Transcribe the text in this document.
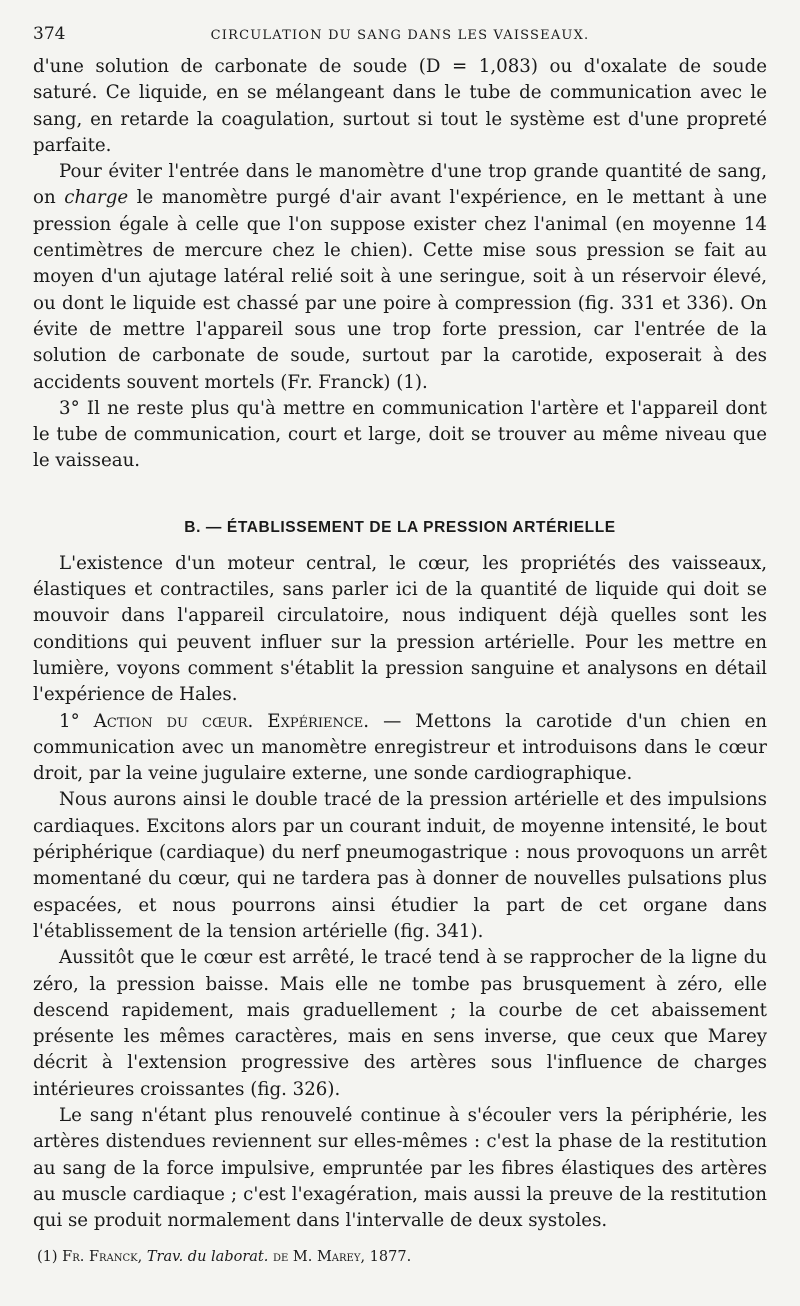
374	CIRCULATION DU SANG DANS LES VAISSEAUX.

d'une solution de carbonate de soude (D = 1,083) ou d'oxalate de soude saturé. Ce liquide, en se mélangeant dans le tube de communication avec le sang, en retarde la coagulation, surtout si tout le système est d'une propreté parfaite.

Pour éviter l'entrée dans le manomètre d'une trop grande quantité de sang, on charge le manomètre purgé d'air avant l'expérience, en le mettant à une pression égale à celle que l'on suppose exister chez l'animal (en moyenne 14 centimètres de mercure chez le chien). Cette mise sous pression se fait au moyen d'un ajutage latéral relié soit à une seringue, soit à un réservoir élevé, ou dont le liquide est chassé par une poire à compression (fig. 331 et 336). On évite de mettre l'appareil sous une trop forte pression, car l'entrée de la solution de carbonate de soude, surtout par la carotide, exposerait à des accidents souvent mortels (Fr. Franck) (1).

3° Il ne reste plus qu'à mettre en communication l'artère et l'appareil dont le tube de communication, court et large, doit se trouver au même niveau que le vaisseau.

B. — ÉTABLISSEMENT DE LA PRESSION ARTÉRIELLE

L'existence d'un moteur central, le cœur, les propriétés des vaisseaux, élastiques et contractiles, sans parler ici de la quantité de liquide qui doit se mouvoir dans l'appareil circulatoire, nous indiquent déjà quelles sont les conditions qui peuvent influer sur la pression artérielle. Pour les mettre en lumière, voyons comment s'établit la pression sanguine et analysons en détail l'expérience de Hales.

1° Action du cœur. Expérience. — Mettons la carotide d'un chien en communication avec un manomètre enregistreur et introduisons dans le cœur droit, par la veine jugulaire externe, une sonde cardiographique.

Nous aurons ainsi le double tracé de la pression artérielle et des impulsions cardiaques. Excitons alors par un courant induit, de moyenne intensité, le bout périphérique (cardiaque) du nerf pneumogastrique : nous provoquons un arrêt momentané du cœur, qui ne tardera pas à donner de nouvelles pulsations plus espacées, et nous pourrons ainsi étudier la part de cet organe dans l'établissement de la tension artérielle (fig. 341).

Aussitôt que le cœur est arrêté, le tracé tend à se rapprocher de la ligne du zéro, la pression baisse. Mais elle ne tombe pas brusquement à zéro, elle descend rapidement, mais graduellement ; la courbe de cet abaissement présente les mêmes caractères, mais en sens inverse, que ceux que Marey décrit à l'extension progressive des artères sous l'influence de charges intérieures croissantes (fig. 326).

Le sang n'étant plus renouvelé continue à s'écouler vers la périphérie, les artères distendues reviennent sur elles-mêmes : c'est la phase de la restitution au sang de la force impulsive, empruntée par les fibres élastiques des artères au muscle cardiaque ; c'est l'exagération, mais aussi la preuve de la restitution qui se produit normalement dans l'intervalle de deux systoles.

(1) Fr. Franck, Trav. du laborat. de M. Marey, 1877.
